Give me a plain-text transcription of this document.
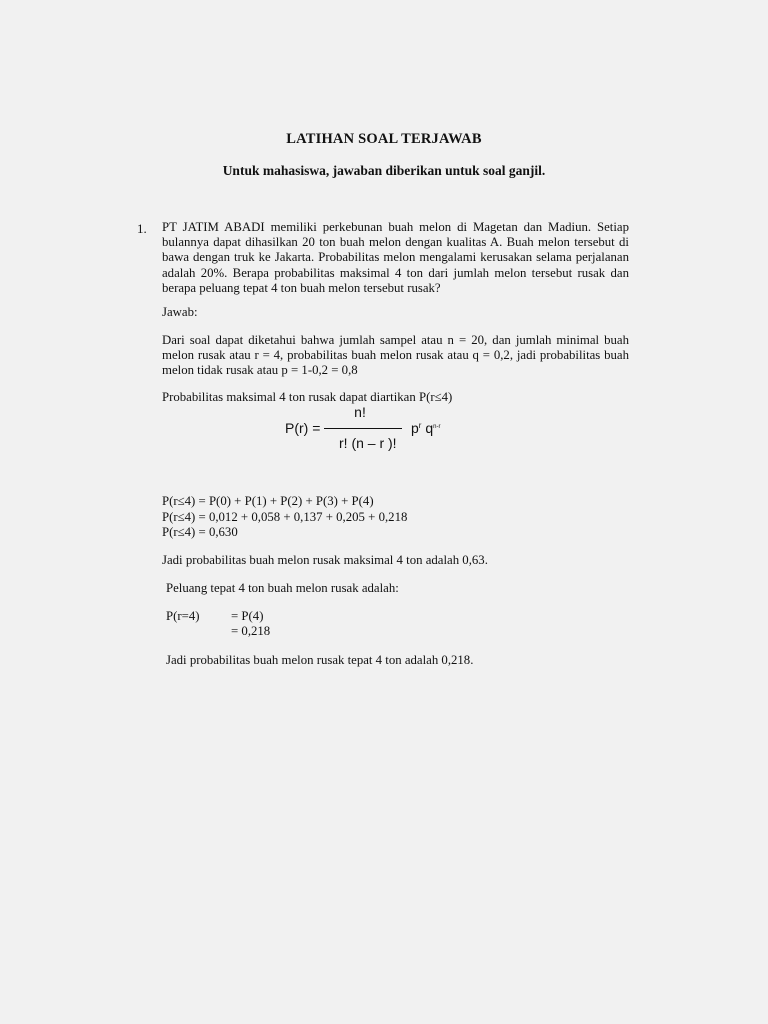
LATIHAN SOAL TERJAWAB
Untuk mahasiswa, jawaban diberikan untuk soal ganjil.
1. PT JATIM ABADI memiliki perkebunan buah melon di Magetan dan Madiun. Setiap
bulannya dapat dihasilkan 20 ton buah melon dengan kualitas A. Buah melon tersebut di
bawa dengan truk ke Jakarta. Probabilitas melon mengalami kerusakan selama perjalanan
adalah 20%. Berapa probabilitas maksimal 4 ton dari jumlah melon tersebut rusak dan
berapa peluang tepat 4 ton buah melon tersebut rusak?
Jawab:
Dari soal dapat diketahui bahwa jumlah sampel atau n = 20, dan jumlah minimal buah
melon rusak atau r = 4, probabilitas buah melon rusak atau q = 0,2, jadi probabilitas buah
melon tidak rusak atau p = 1-0,2 = 0,8
Probabilitas maksimal 4 ton rusak dapat diartikan P(r≤4)
P(r) =
n!
r! (n – r )!
$p^r$ $q^{n-r}$
P(r≤4) = P(0) + P(1) + P(2) + P(3) + P(4)
P(r≤4) = 0,012 + 0,058 + 0,137 + 0,205 + 0,218
P(r≤4) = 0,630
Jadi probabilitas buah melon rusak maksimal 4 ton adalah 0,63.
Peluang tepat 4 ton buah melon rusak adalah:
P(r=4) = P(4)
= 0,218
Jadi probabilitas buah melon rusak tepat 4 ton adalah 0,218.
